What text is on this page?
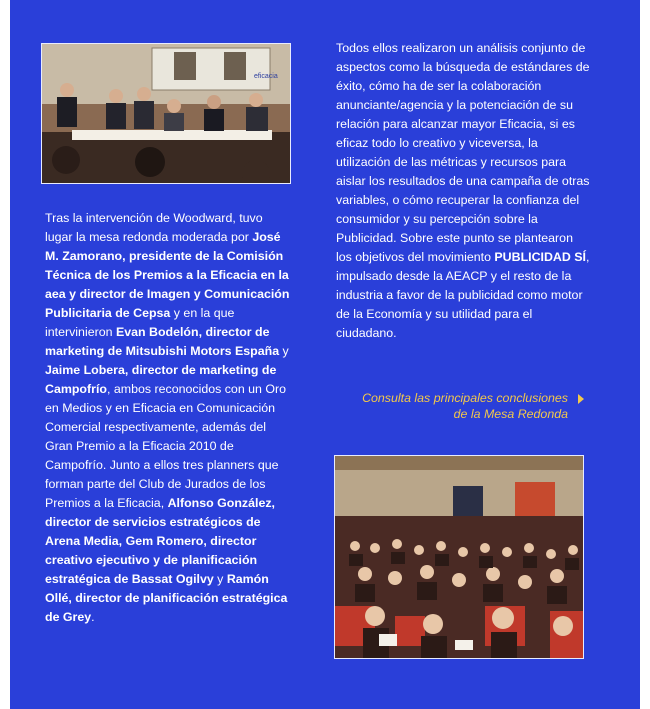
eficacia

Tras la intervención de Woodward, tuvo lugar la mesa redonda moderada por José M. Zamorano, presidente de la Comisión Técnica de los Premios a la Eficacia en la aea y director de Imagen y Comunicación Publicitaria de Cepsa y en la que intervinieron Evan Bodelón, director de marketing de Mitsubishi Motors España y Jaime Lobera, director de marketing de Campofrío, ambos reconocidos con un Oro en Medios y en Eficacia en Comunicación Comercial respectivamente, además del Gran Premio a la Eficacia 2010 de Campofrío. Junto a ellos tres planners que forman parte del Club de Jurados de los Premios a la Eficacia, Alfonso González, director de servicios estratégicos de Arena Media, Gem Romero, director creativo ejecutivo y de planificación estratégica de Bassat Ogilvy y Ramón Ollé, director de planificación estratégica de Grey.

Todos ellos realizaron un análisis conjunto de aspectos como la búsqueda de estándares de éxito, cómo ha de ser la colaboración anunciante/agencia y la potenciación de su relación para alcanzar mayor Eficacia, si es eficaz todo lo creativo y viceversa, la utilización de las métricas y recursos para aislar los resultados de una campaña de otras variables, o cómo recuperar la confianza del consumidor y su percepción sobre la Publicidad. Sobre este punto se plantearon los objetivos del movimiento PUBLICIDAD SÍ, impulsado desde la AEACP y el resto de la industria a favor de la publicidad como motor de la Economía y su utilidad para el ciudadano.

Consulta las principales conclusiones
de la Mesa Redonda
